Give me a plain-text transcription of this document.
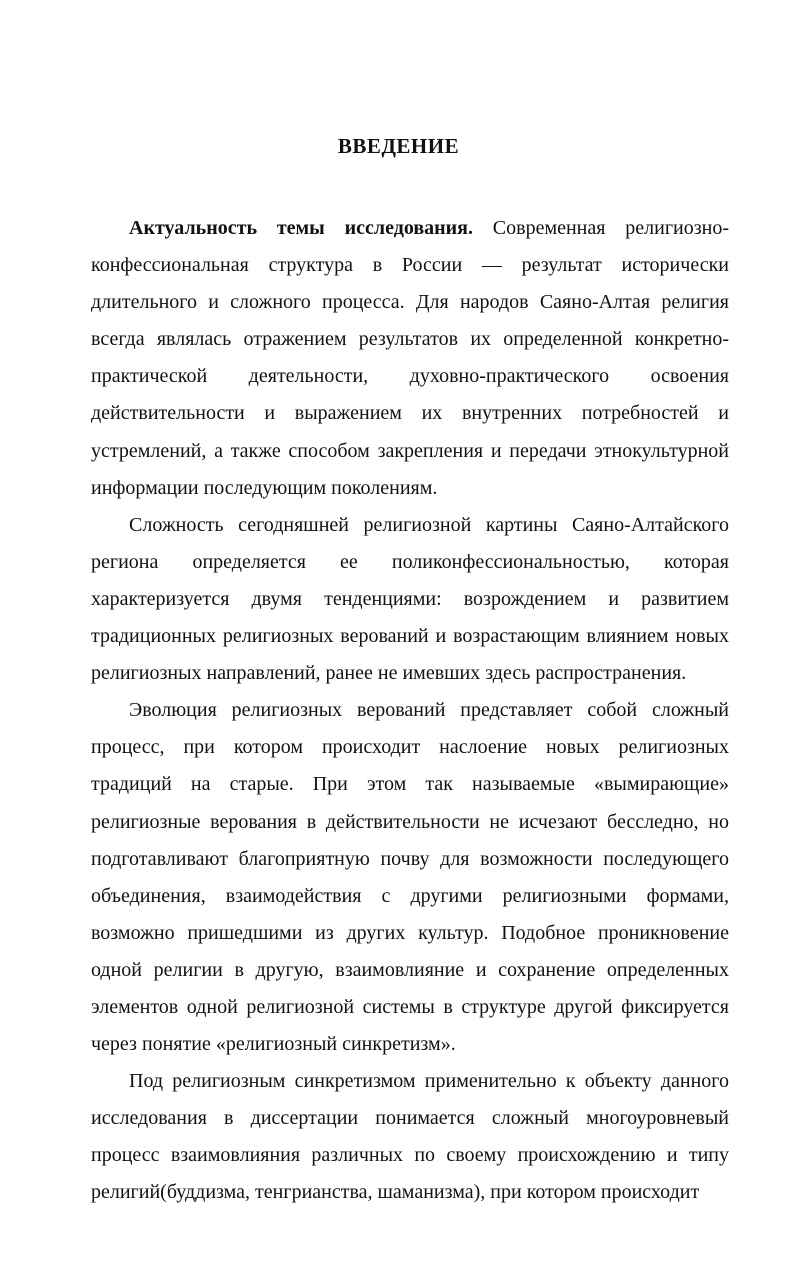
ВВЕДЕНИЕ
Актуальность темы исследования. Современная религиозно-
конфессиональная структура в России — результат исторически
длительного и сложного процесса. Для народов Саяно-Алтая религия
всегда являлась отражением результатов их определенной конкретно-
практической деятельности, духовно-практического освоения
действительности и выражением их внутренних потребностей и
устремлений, а также способом закрепления и передачи этнокультурной
информации последующим поколениям.
Сложность сегодняшней религиозной картины Саяно-Алтайского
региона определяется ее поликонфессиональностью, которая
характеризуется двумя тенденциями: возрождением и развитием
традиционных религиозных верований и возрастающим влиянием новых
религиозных направлений, ранее не имевших здесь распространения.
Эволюция религиозных верований представляет собой сложный
процесс, при котором происходит наслоение новых религиозных
традиций на старые. При этом так называемые «вымирающие»
религиозные верования в действительности не исчезают бесследно, но
подготавливают благоприятную почву для возможности последующего
объединения, взаимодействия с другими религиозными формами,
возможно пришедшими из других культур. Подобное проникновение
одной религии в другую, взаимовлияние и сохранение определенных
элементов одной религиозной системы в структуре другой фиксируется
через понятие «религиозный синкретизм».
Под религиозным синкретизмом применительно к объекту данного
исследования в диссертации понимается сложный многоуровневый
процесс взаимовлияния различных по своему происхождению и типу
религий(буддизма, тенгрианства, шаманизма), при котором происходит
